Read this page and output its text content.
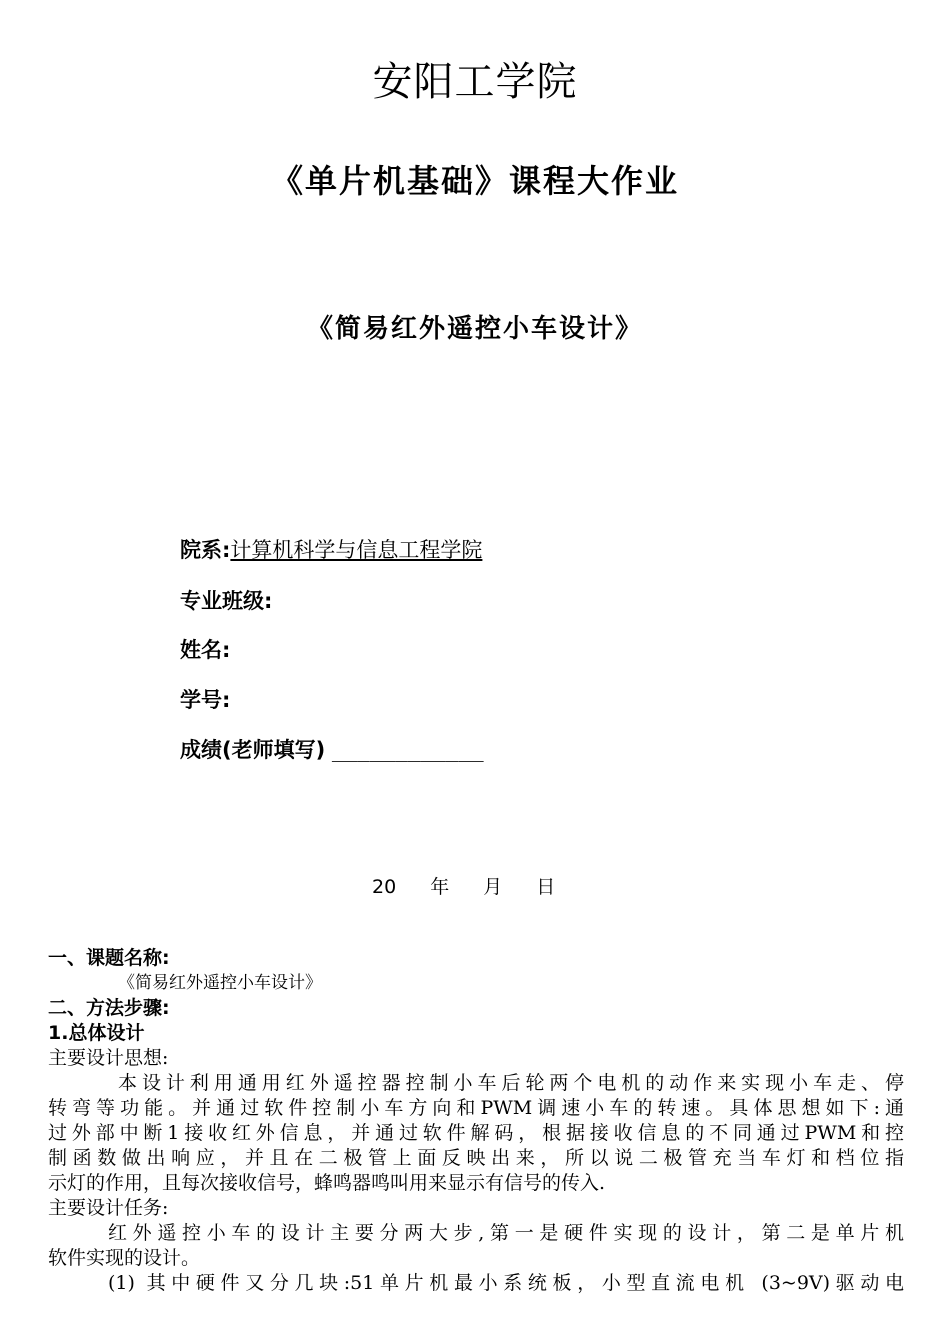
安阳工学院
《单片机基础》课程大作业
《简易红外遥控小车设计》
院系:计算机科学与信息工程学院
专业班级:
姓名:
学号:
成绩(老师填写) ____________
20 年 月 日
一、课题名称:
《简易红外遥控小车设计》
二、方法步骤:
1.总体设计
主要设计思想:
本设计利用通用红外遥控器控制小车后轮两个电机的动作来实现小车走、停
转弯等功能。并通过软件控制小车方向和PWM调速小车的转速。具体思想如下:通
过外部中断1接收红外信息，并通过软件解码，根据接收信息的不同通过PWM和控
制函数做出响应，并且在二极管上面反映出来，所以说二极管充当车灯和档位指
示灯的作用，且每次接收信号，蜂鸣器鸣叫用来显示有信号的传入.
主要设计任务:
红外遥控小车的设计主要分两大步,第一是硬件实现的设计，第二是单片机
软件实现的设计。
(1) 其中硬件又分几块:51单片机最小系统板，小型直流电机 (3~9V)驱动电
